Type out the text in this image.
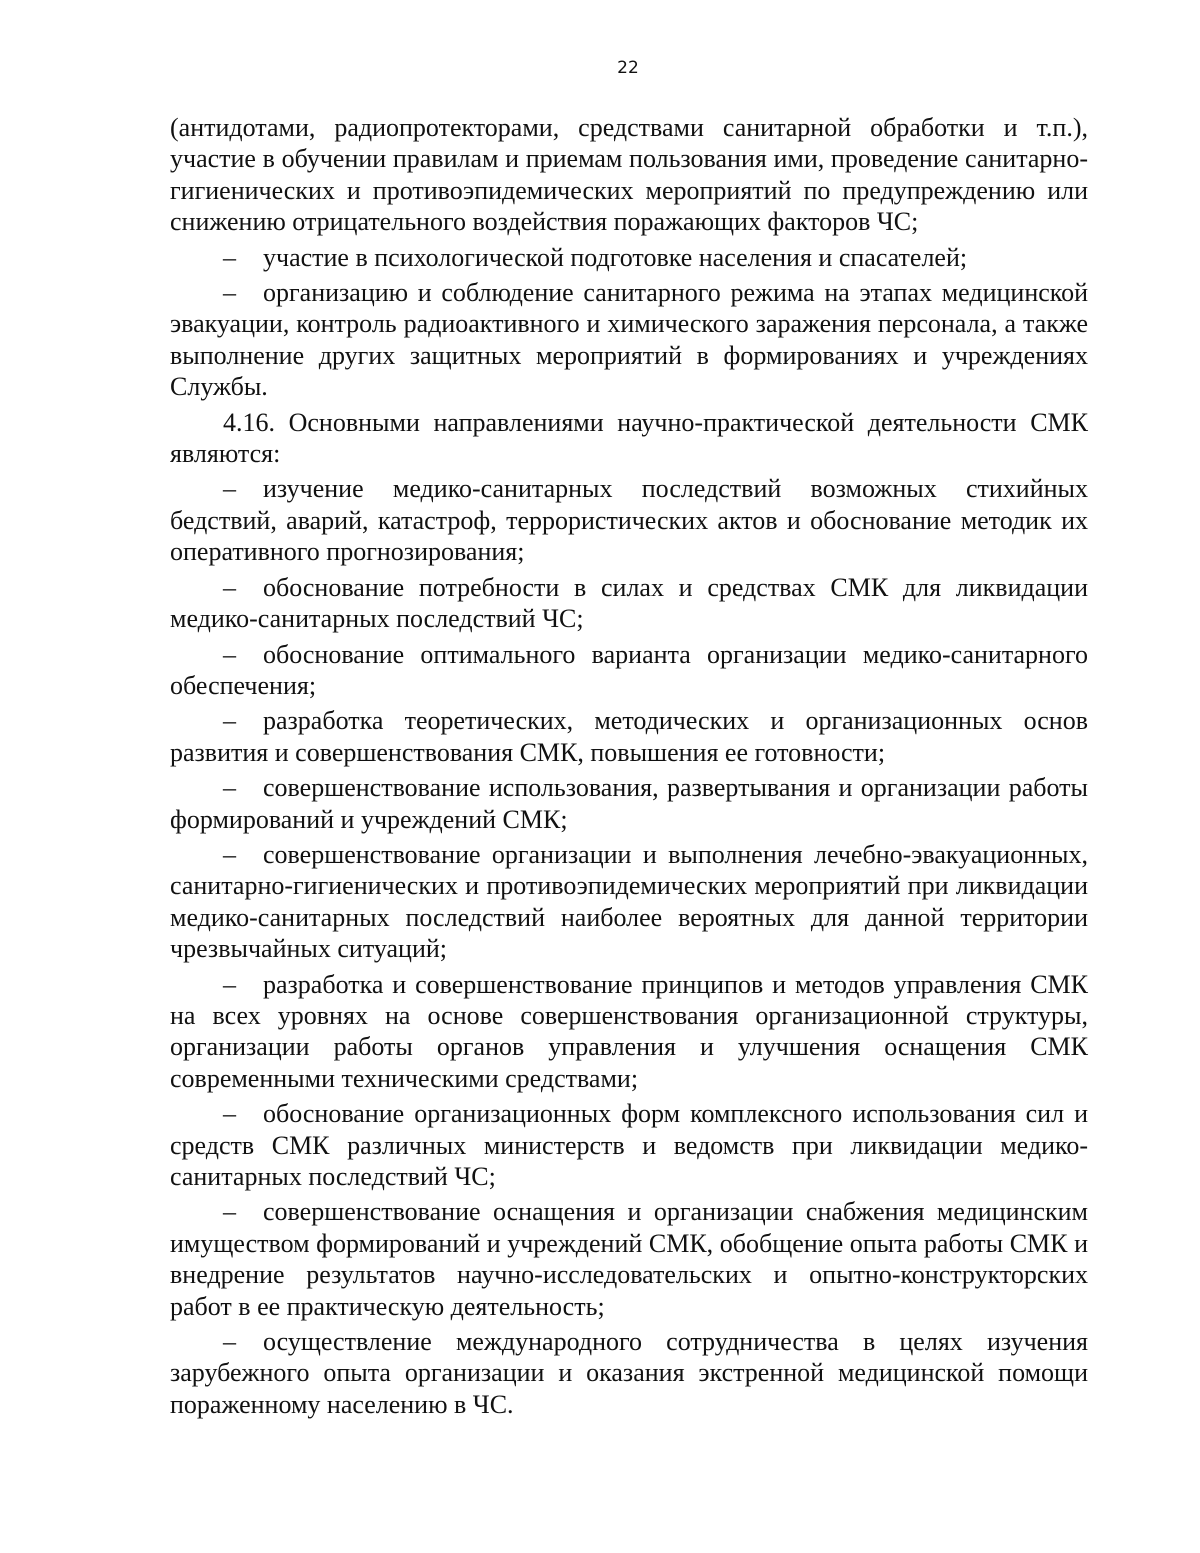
22

(антидотами, радиопротекторами, средствами санитарной обработки и т.п.), участие в обучении правилам и приемам пользования ими, проведение санитарно-гигиенических и противоэпидемических мероприятий по предупреждению или снижению отрицательного воздействия поражающих факторов ЧС;

– участие в психологической подготовке населения и спасателей;

– организацию и соблюдение санитарного режима на этапах медицинской эвакуации, контроль радиоактивного и химического заражения персонала, а также выполнение других защитных мероприятий в формированиях и учреждениях Службы.

4.16. Основными направлениями научно-практической деятельности СМК являются:

– изучение медико-санитарных последствий возможных стихийных бедствий, аварий, катастроф, террористических актов и обоснование методик их оперативного прогнозирования;

– обоснование потребности в силах и средствах СМК для ликвидации медико-санитарных последствий ЧС;

– обоснование оптимального варианта организации медико-санитарного обеспечения;

– разработка теоретических, методических и организационных основ развития и совершенствования СМК, повышения ее готовности;

– совершенствование использования, развертывания и организации работы формирований и учреждений СМК;

– совершенствование организации и выполнения лечебно-эвакуационных, санитарно-гигиенических и противоэпидемических мероприятий при ликвидации медико-санитарных последствий наиболее вероятных для данной территории чрезвычайных ситуаций;

– разработка и совершенствование принципов и методов управления СМК на всех уровнях на основе совершенствования организационной структуры, организации работы органов управления и улучшения оснащения СМК современными техническими средствами;

– обоснование организационных форм комплексного использования сил и средств СМК различных министерств и ведомств при ликвидации медико-санитарных последствий ЧС;

– совершенствование оснащения и организации снабжения медицинским имуществом формирований и учреждений СМК, обобщение опыта работы СМК и внедрение результатов научно-исследовательских и опытно-конструкторских работ в ее практическую деятельность;

– осуществление международного сотрудничества в целях изучения зарубежного опыта организации и оказания экстренной медицинской помощи пораженному населению в ЧС.
